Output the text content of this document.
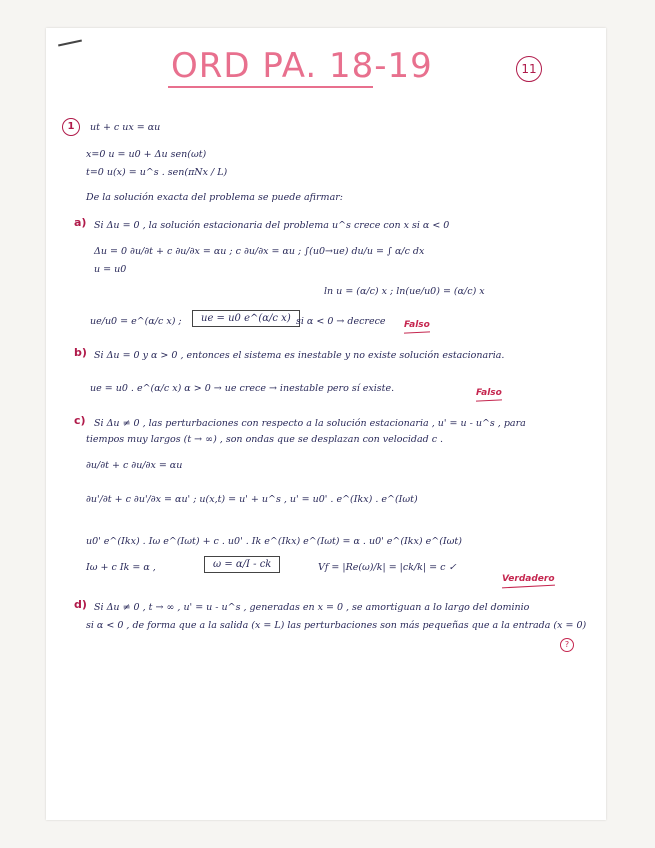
ORD PA. 18-19	11
1	ut + c ux = αu
x=0 u = u0 + Δu sen(ωt)
t=0 u(x) = u^s . sen(πNx / L)
De la solución exacta del problema se puede afirmar:
a) Si Δu = 0 , la solución estacionaria del problema u^s crece con x si α < 0
Δu = 0 ∂u/∂t + c ∂u/∂x = αu ; c ∂u/∂x = αu ; ∫(u0→ue) du/u = ∫ α/c dx
u = u0
ln u = (α/c) x ; ln(ue/u0) = (α/c) x
ue/u0 = e^(α/c x) ;	ue = u0 e^(α/c x) si α < 0 → decrece Falso
b) Si Δu = 0 y α > 0 , entonces el sistema es inestable y no existe solución estacionaria.
ue = u0 . e^(α/c x) α > 0 → ue crece → inestable pero sí existe.	Falso
c) Si Δu ≠ 0 , las perturbaciones con respecto a la solución estacionaria , u' = u - u^s , para
tiempos muy largos (t → ∞) , son ondas que se desplazan con velocidad c .
∂u/∂t + c ∂u/∂x = αu
∂u'/∂t + c ∂u'/∂x = αu' ; u(x,t) = u' + u^s , u' = u0' . e^(Ikx) . e^(Iωt)
u0' e^(Ikx) . Iω e^(Iωt) + c . u0' . Ik e^(Ikx) e^(Iωt) = α . u0' e^(Ikx) e^(Iωt)
Iω + c Ik = α ,	ω = α/I - ck	Vf = |Re(ω)/k| = |ck/k| = c ✓
Verdadero
d) Si Δu ≠ 0 , t → ∞ , u' = u - u^s , generadas en x = 0 , se amortiguan a lo largo del dominio
si α < 0 , de forma que a la salida (x = L) las perturbaciones son más pequeñas que a la entrada (x = 0)
?
